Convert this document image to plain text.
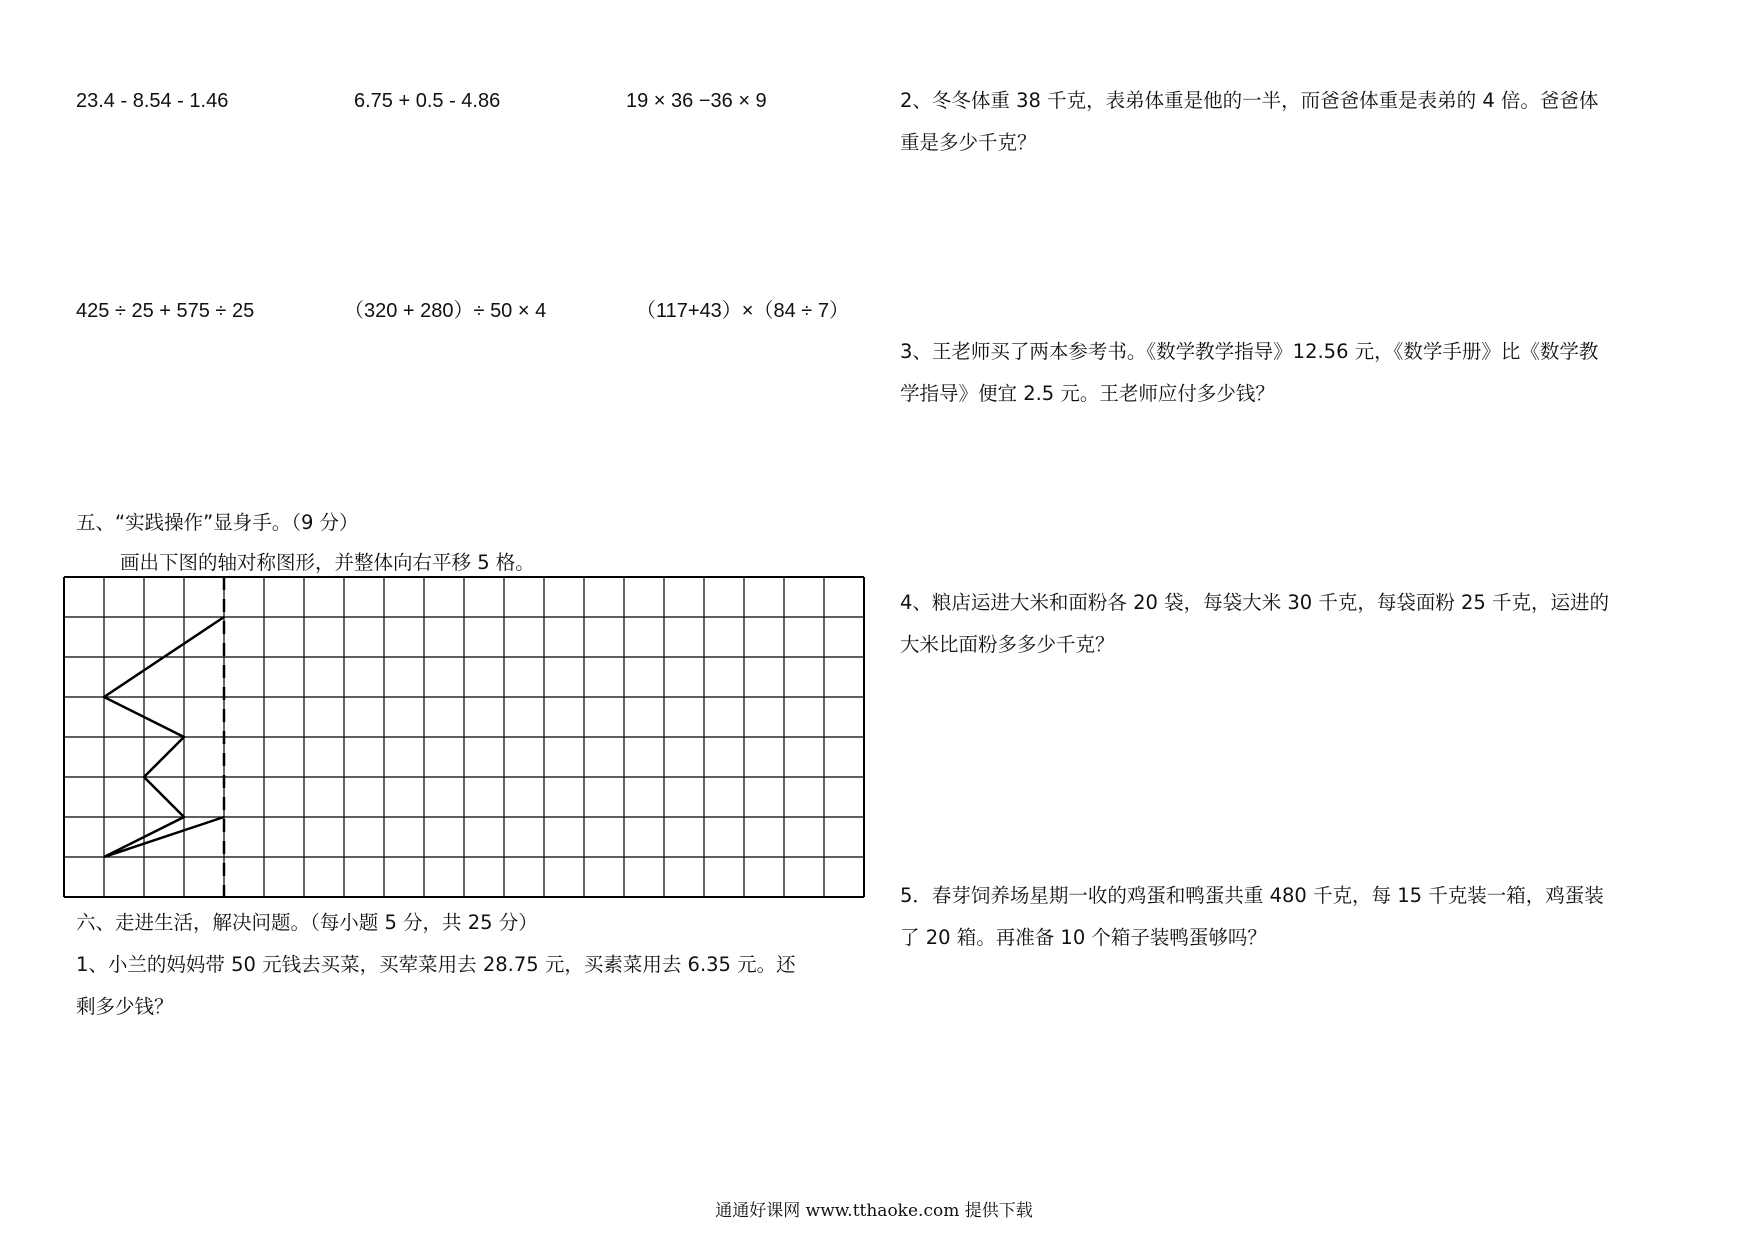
23.4 - 8.54 - 1.46	6.75 + 0.5 - 4.86	19 × 36 −36 × 9
425 ÷ 25 + 575 ÷ 25	（320 + 280）÷ 50 × 4	（117+43）×（84 ÷ 7）
五、“实践操作”显身手。（9 分）
画出下图的轴对称图形，并整体向右平移 5 格。
六、走进生活，解决问题。（每小题 5 分，共 25 分）
1、小兰的妈妈带 50 元钱去买菜，买荤菜用去 28.75 元，买素菜用去 6.35 元。还
剩多少钱？
2、冬冬体重 38 千克，表弟体重是他的一半，而爸爸体重是表弟的 4 倍。爸爸体
重是多少千克？
3、王老师买了两本参考书。《数学教学指导》12.56 元，《数学手册》比《数学教
学指导》便宜 2.5 元。王老师应付多少钱？
4、粮店运进大米和面粉各 20 袋，每袋大米 30 千克，每袋面粉 25 千克，运进的
大米比面粉多多少千克？
5．春芽饲养场星期一收的鸡蛋和鸭蛋共重 480 千克，每 15 千克装一箱，鸡蛋装
了 20 箱。再准备 10 个箱子装鸭蛋够吗？
通通好课网 www.tthaoke.com 提供下载
